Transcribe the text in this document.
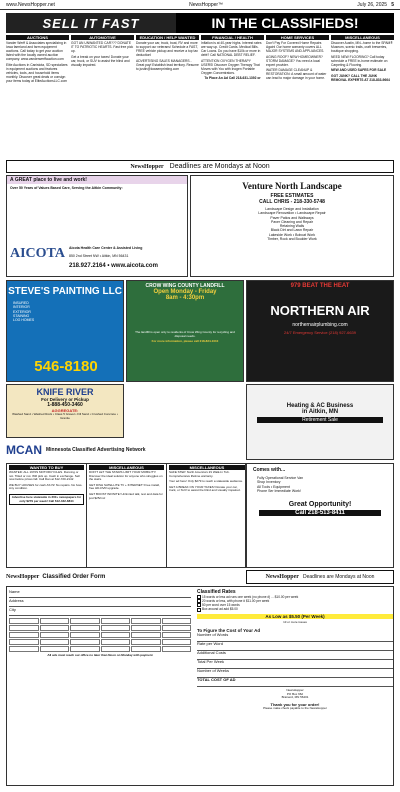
www.NewsHopper.net	NewsHopper™	July 26, 2025 5
SELL IT FAST	IN THE CLASSIFIEDS!
AUCTIONS

Vander Werff & Associates specializing in lowa farmland and farm equipment auctions. Call today to get your auction listed with the locally owned auction company. www.vanderwerffauction.com

Elite Auctions in Canistota, SD specializes in equipment auctions and features vehicles, tools, and household items monthly. Discover great deals or consign your items today at EliteAuctionsLLC.com

AUTOMOTIVE

GOT AN UNWANTED CAR??? DONATE IT TO PATRIOTIC HEARTS. Fast free pick up.

Get a break on your taxes! Donate your car, truck, or SUV to assist the blind and visually impaired.

EDUCATION / HELP WANTED

Donate your car, truck, boat, RV and more to support our veterans! Schedule a FAST, FREE vehicle pickup and receive a top tax deduction!

ADVERTISING SALES MANAGERS - Great pay! Establish lead territory. Resume to justin@lowaenprinting.com

FINANCIAL / HEALTH

Inflation is at 40-year highs. Interest rates are way up. Credit Cards. Medical Bills. Car Loans. Do you have $10k or more in debt? Call NATIONAL DEBT RELIEF.

ATTENTION OXYGEN THERAPY USERS! Discover Oxygen Therapy That Moves with You with Inogen Portable Oxygen Concentrators.

To Place An Ad Call 218-631-1392 or

HOME SERVICES

Don't Pay For Covered Home Repairs Again! Our home warranty covers ALL MAJOR SYSTEMS AND APPLIANCES.

AGING ROOF? NEW HOMEOWNER? STORM DAMAGE? You need a local expert provider.

WATER DAMAGE CLEANUP & RESTORATION: A small amount of water can lead to major damage in your home.

MISCELLANEOUS

Discover Austin, MN--home to the SPAM® Museum, scenic trails, craft breweries, boutique shopping.

NEED NEW FLOORING? Call today schedule a FREE in-home estimate on Carpeting & Flooring.

NEW AND USED SAFES FOR SALE

GOT JUNK? CALL THE JUNK REMOVAL EXPERTS AT 218-833-9664

NewsHopper Deadlines are Mondays at Noon
A GREAT place to live and work!
Over 50 Years of Values Based Care, Serving the Aitkin Community:
AICOTA Aicota Health Care Center & Assisted Living
850 2nd Street NW • Aitkin, MN 56431
218.927.2164 • www.aicota.com
Venture North Landscape
FREE ESTIMATES
CALL CHRIS - 218-330-5748
Landscape Design and Installation
Landscape Renovation • Landscape Repair
Paver Patios and Walkways
Paver Cleaning and Repair
Retaining Walls
Black Dirt and Lawn Repair
Lakeside Work • Bobcat Work
Timber, Rock and Boulder Work
STEVE'S PAINTING LLC
INSURED
INTERIOR
EXTERIOR
STAINING
LOG HOMES
546-8180
CROW WING COUNTY LANDFILL
Open Monday - Friday
8am - 4:30pm
The landfill is open only to residents of Crow Wing County for recycling and disposal needs.
For more information, please call 218-824-1010
979 BEAT THE HEAT
NORTHERN AIR
northernairplumbing.com
24/7 Emergency Service (218) 927-6639
KNIFE RIVER
For Delivery or Pickup
1-888-450-3460
AGGREGATE:
Washed Sand • Washed Rock • Class 5 Gravel • Fill Sand • Crushed Concrete • Granite
MCAN Minnesota Classified Advertising Network
Heating & AC Business
in Aitkin, MN
Retirement Sale
WANTED TO BUY
WANTED: ALL 1970S MOTORCYCLES. Running or not. Titled or not. Will pick up. Cash in exchange. Sell now before prices fall. Call Dan at 612-720-2142
WE BUY HOUSES for cash AS IS! No repairs. No fuss. Any condition.
Advertise here statewide in 200+ newspapers for only $279 per week! Call 612-332-8844
MISCELLANEOUS
DON'T LET THE STAIRS LIMIT YOUR MOBILITY! Discover the ideal solution for anyone who struggles on the stairs.
GET DISH SATELLITE TV + INTERNET! Free install, free HD-DVR upgrade.
GET BOOST INFINITE! Unlimited talk, text and data for just $25/mo!
MISCELLANEOUS
SAFE STEP. North America's #1 Walk-In Tub. Comprehensive lifetime warranty.
Your ad here! Only $279 to reach a statewide audience.
GET A BREAK ON YOUR TAXES! Donate your car, truck, or SUV to assist the blind and visually impaired.
Comes with...
Fully Operational Service Van
Shop Inventory
All Tools • Equipment
Phone Ser Immediate Work!
Great Opportunity!
Call 218-513-8411
NewsHopper Deadlines are Mondays at Noon
NewsHopper Classified Order Form
Name
Address
City
All ads must reach our office no later than Noon on Monday with payment
Classified Rates
15 words or less ad runs one week (no phone #) ... $10.00 per week
20 words or less, with phone # $11.00 per week
50 per word over 15 words
Box around ad add $5.00
As Low as $5.50 (Per Week)
13 or more issues
To Figure the Cost of Your Ad
Number of Words
Rate per Word
Additional Costs
Total Per Week
Number of Weeks
TOTAL COST OF AD
NewsHopper
PO Box 662
Brainerd, MN 56401
Thank you for your order!
Please make check payable to the NewsHopper
